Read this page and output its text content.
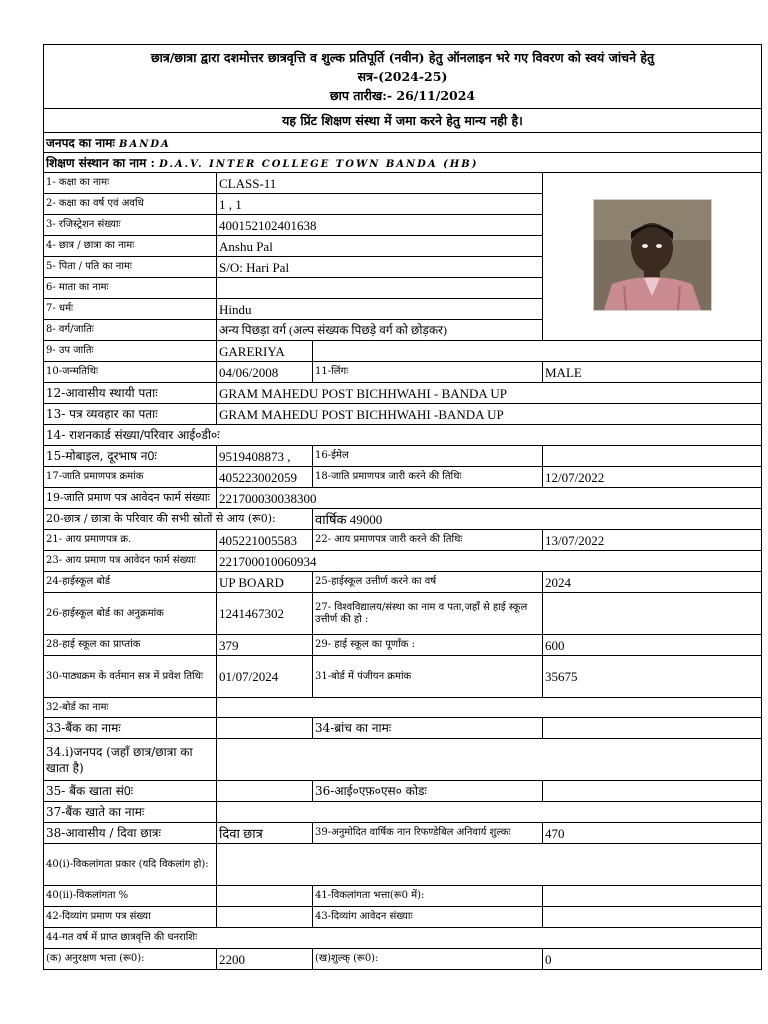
छात्र/छात्रा द्वारा दशमोत्तर छात्रवृत्ति व शुल्क प्रतिपूर्ति (नवीन) हेतु ऑनलाइन भरे गए विवरण को स्वयं जांचने हेतु
सत्र-(2024-25)
छाप तारीख:- 26/11/2024			

यह प्रिंट शिक्षण संस्था में जमा करने हेतु मान्य नही है।			
जनपद का नामः BANDA			
शिक्षण संस्थान का नाम : D.A.V. INTER COLLEGE TOWN BANDA (HB)			
1- कक्षा का नामः	CLASS-11	

2- कक्षा का वर्ष एवं अवधि	1 , 1		
3- रजिस्ट्रेशन संख्याः	400152102401638		
4- छात्र / छात्रा का नामः	Anshu Pal		
5- पिता / पति का नामः	S/O: Hari Pal		
6- माता का नामः			
7- धर्मः	Hindu		
8- वर्ग/जातिः	अन्य पिछड़ा वर्ग (अल्प संख्यक पिछड़े वर्ग को छोड़कर)		
9- उप जातिः	GARERIYA		
10-जन्मतिथिः	04/06/2008	11-लिंगः	MALE
12-आवासीय स्थायी पताः	GRAM MAHEDU POST BICHHWAHI - BANDA UP		
13- पत्र व्यवहार का पताः	GRAM MAHEDU POST BICHHWAHI -BANDA UP		
14- राशनकार्ड संख्या/परिवार आई०डी०ः			
15-मोबाइल, दूरभाष न0ः	9519408873 ,	16-ईमेल	
17-जाति प्रमाणपत्र क्रमांक	405223002059	18-जाति प्रमाणपत्र जारी करने की तिथिः	12/07/2022
19-जाति प्रमाण पत्र आवेदन फार्म संख्याः	221700030038300		
20-छात्र / छात्रा के परिवार की सभी स्रोतों से आय (रू0):		वार्षिक 49000	
21- आय प्रमाणपत्र क्र.	405221005583	22- आय प्रमाणपत्र जारी करने की तिथिः	13/07/2022
23- आय प्रमाण पत्र आवेदन फार्म संख्याः	221700010060934		
24-हाईस्कूल बोर्ड	UP BOARD	25-हाईस्कूल उत्तीर्ण करने का वर्ष	2024
26-हाईस्कूल बोर्ड का अनुक्रमांक	1241467302	27- विश्वविद्यालय/संस्था का नाम व पता,जहाँ से हाई स्कूल उत्तीर्ण की हो :	
28-हाई स्कूल का प्राप्तांक	379	29- हाई स्कूल का पूर्णांक :	600
30-पाठ्यक्रम के वर्तमान सत्र में प्रवेश तिथिः	01/07/2024	31-बोर्ड में पंजीयन क्रमांक	35675
32-बोर्ड का नामः			
33-बैंक का नामः		34-ब्रांच का नामः	
34.i)जनपद (जहाँ छात्र/छात्रा का खाता है)			
35- बैंक खाता सं0ः		36-आई०एफ़०एस० कोडः	
37-बैंक खाते का नामः			
38-आवासीय / दिवा छात्रः	दिवा छात्र	39-अनुमोदित वार्षिक नान रिफण्डेबिल अनिवार्य शुल्कः	470
40(i)-विकलांगता प्रकार (यदि विकलांग हो):			
40(ii)-विकलांगता %		41-विकलांगता भत्ता(रू0 में):	
42-दिव्यांग प्रमाण पत्र संख्या		43-दिव्यांग आवेदन संख्याः	
44-गत वर्ष में प्राप्त छात्रवृत्ति की धनराशिः			
(क) अनुरक्षण भत्ता (रू0):	2200	(ख)शुल्क् (रू0):	0
